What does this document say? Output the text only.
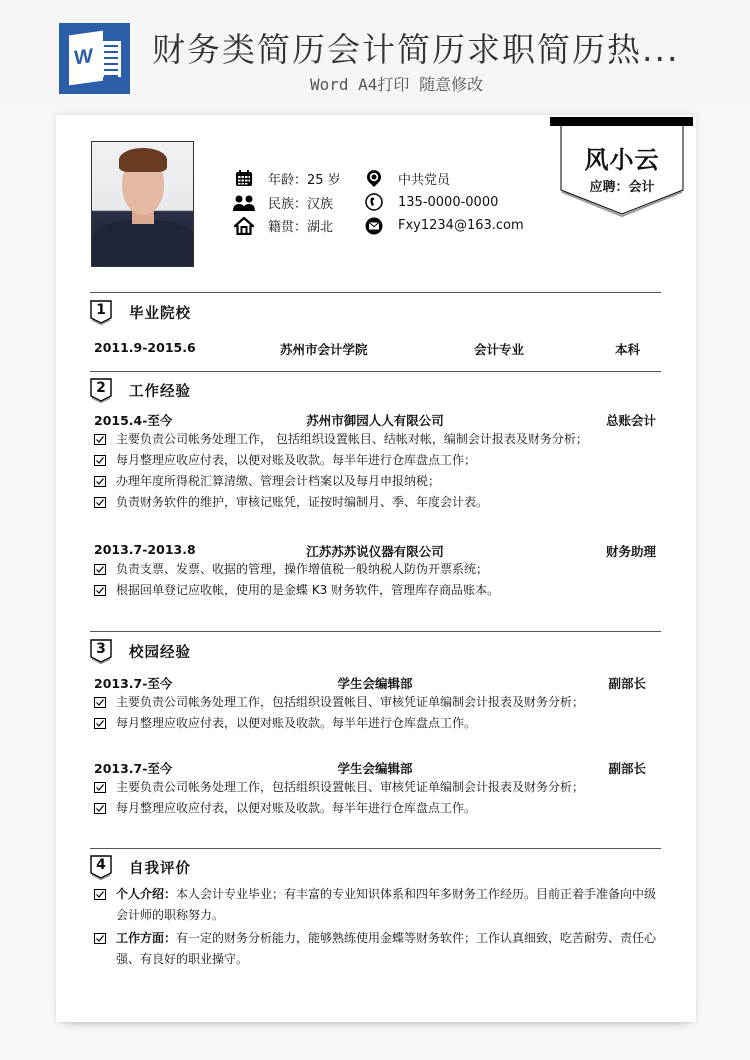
W 财务类简历会计简历求职简历热...
Word A4打印 随意修改
年龄：25 岁
民族：汉族
籍贯：湖北
中共党员
135-0000-0000
Fxy1234@163.com
风小云
应聘：会计
1	毕业院校
2011.9-2015.6	苏州市会计学院	会计专业	本科
2	工作经验
2015.4-至今	苏州市御园人人有限公司	总账会计
主要负责公司帐务处理工作， 包括组织设置帐目、结帐对帐，编制会计报表及财务分析；
每月整理应收应付表，以便对账及收款。每半年进行仓库盘点工作；
办理年度所得税汇算清缴、管理会计档案以及每月申报纳税；
负责财务软件的维护，审核记账凭，证按时编制月、季、年度会计表。
2013.7-2013.8	江苏苏苏说仪器有限公司	财务助理
负责支票、发票、收据的管理，操作增值税一般纳税人防伪开票系统；
根据回单登记应收帐，使用的是金蝶 K3 财务软件，管理库存商品账本。
3	校园经验
2013.7-至今	学生会编辑部	副部长
主要负责公司帐务处理工作，包括组织设置帐目、审核凭证单编制会计报表及财务分析；
每月整理应收应付表，以便对账及收款。每半年进行仓库盘点工作。
2013.7-至今	学生会编辑部	副部长
主要负责公司帐务处理工作，包括组织设置帐目、审核凭证单编制会计报表及财务分析；
每月整理应收应付表，以便对账及收款。每半年进行仓库盘点工作。
4	自我评价
个人介绍：本人会计专业毕业；有丰富的专业知识体系和四年多财务工作经历。目前正着手准备向中级会计师的职称努力。
工作方面：有一定的财务分析能力，能够熟练使用金蝶等财务软件；工作认真细致，吃苦耐劳、责任心强、有良好的职业操守。
